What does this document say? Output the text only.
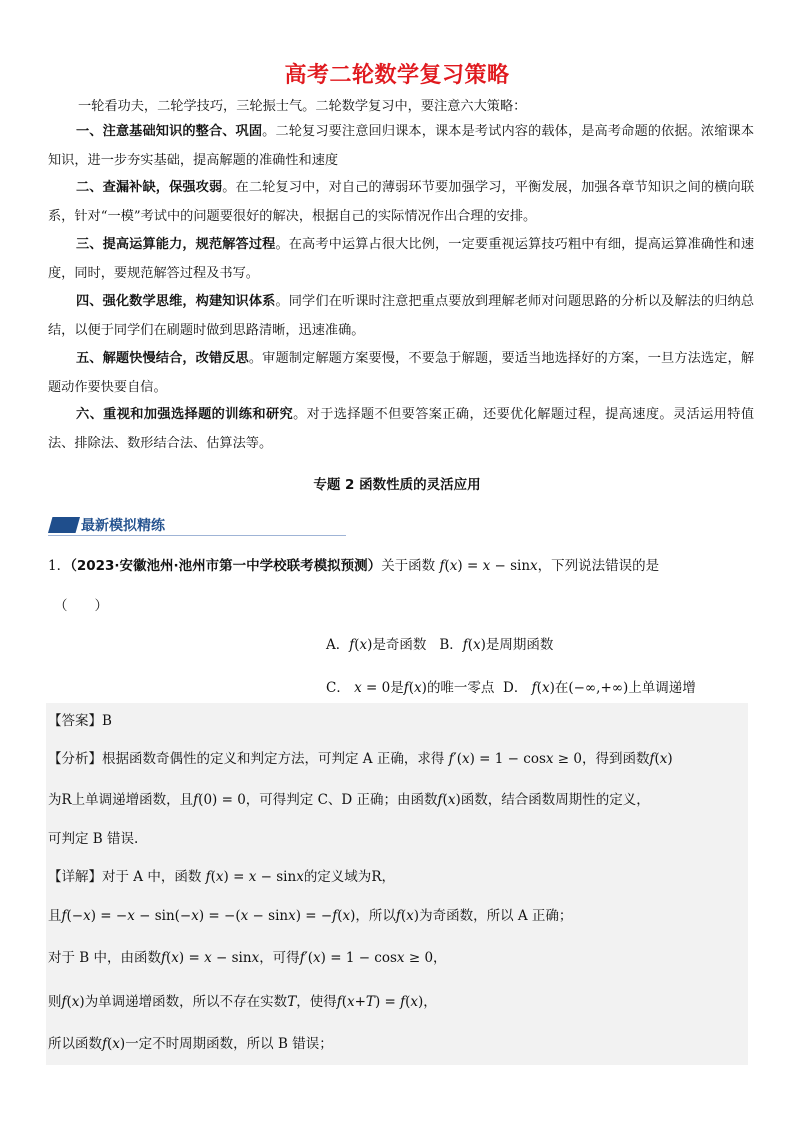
高考二轮数学复习策略
一轮看功夫，二轮学技巧，三轮振士气。二轮数学复习中，要注意六大策略：
一、注意基础知识的整合、巩固。二轮复习要注意回归课本，课本是考试内容的载体，是高考命题的依据。浓缩课本知识，进一步夯实基础，提高解题的准确性和速度
二、查漏补缺，保强攻弱。在二轮复习中，对自己的薄弱环节要加强学习，平衡发展，加强各章节知识之间的横向联系，针对“一模”考试中的问题要很好的解决，根据自己的实际情况作出合理的安排。
三、提高运算能力，规范解答过程。在高考中运算占很大比例，一定要重视运算技巧粗中有细，提高运算准确性和速度，同时，要规范解答过程及书写。
四、强化数学思维，构建知识体系。同学们在听课时注意把重点要放到理解老师对问题思路的分析以及解法的归纳总结，以便于同学们在刷题时做到思路清晰，迅速准确。
五、解题快慢结合，改错反思。审题制定解题方案要慢，不要急于解题，要适当地选择好的方案，一旦方法选定，解题动作要快要自信。
六、重视和加强选择题的训练和研究。对于选择题不但要答案正确，还要优化解题过程，提高速度。灵活运用特值法、排除法、数形结合法、估算法等。
专题 2 函数性质的灵活应用
最新模拟精练
1．（2023·安徽池州·池州市第一中学校联考模拟预测）关于函数 f(x) = x − sinx，下列说法错误的是
（　　）
A．f(x)是奇函数 B．f(x)是周期函数
C． x = 0是f(x)的唯一零点 D． f(x)在(−∞,+∞)上单调递增
【答案】B
【分析】根据函数奇偶性的定义和判定方法，可判定 A 正确，求得 f′(x) = 1 − cosx ≥ 0，得到函数f(x)
为R上单调递增函数，且f(0) = 0，可得判定 C、D 正确；由函数f(x)函数，结合函数周期性的定义，
可判定 B 错误.
【详解】对于 A 中，函数 f(x) = x − sinx的定义域为R，
且f(−x) = −x − sin(−x) = −(x − sinx) = −f(x)，所以f(x)为奇函数，所以 A 正确；
对于 B 中，由函数f(x) = x − sinx，可得f′(x) = 1 − cosx ≥ 0，
则f(x)为单调递增函数，所以不存在实数T，使得f(x+T) = f(x)，
所以函数f(x)一定不时周期函数，所以 B 错误；
